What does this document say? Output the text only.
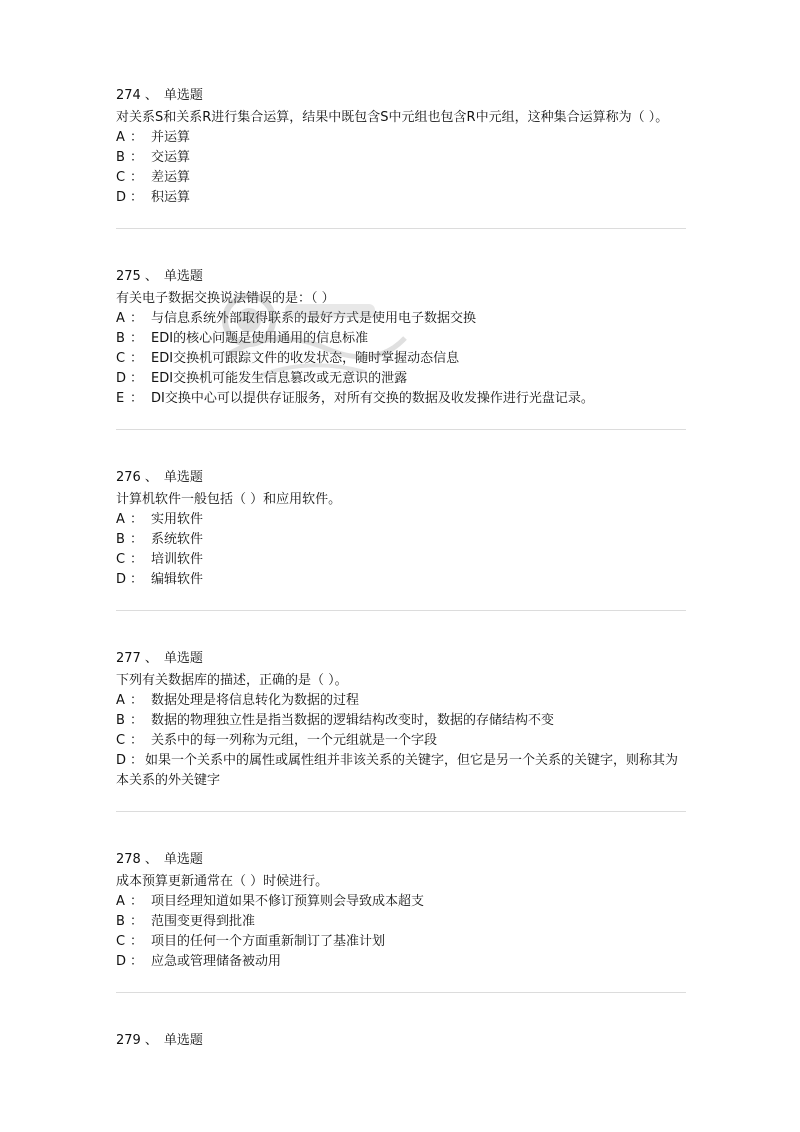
274 、 单选题

对关系S和关系R进行集合运算，结果中既包含S中元组也包含R中元组，这种集合运算称为（ ）。

A ： 并运算
B ： 交运算
C ： 差运算
D ： 积运算
275 、 单选题

有关电子数据交换说法错误的是：（ ）

A ： 与信息系统外部取得联系的最好方式是使用电子数据交换
B ： EDI的核心问题是使用通用的信息标准
C ： EDI交换机可跟踪文件的收发状态，随时掌握动态信息
D ： EDI交换机可能发生信息篡改或无意识的泄露
E ： DI交换中心可以提供存证服务，对所有交换的数据及收发操作进行光盘记录。
276 、 单选题

计算机软件一般包括（ ）和应用软件。

A ： 实用软件
B ： 系统软件
C ： 培训软件
D ： 编辑软件
277 、 单选题

下列有关数据库的描述，正确的是（ ）。

A ： 数据处理是将信息转化为数据的过程
B ： 数据的物理独立性是指当数据的逻辑结构改变时，数据的存储结构不变
C ： 关系中的每一列称为元组，一个元组就是一个字段
D ： 如果一个关系中的属性或属性组并非该关系的关键字，但它是另一个关系的关键字，则称其为本关系的外关键字
278 、 单选题

成本预算更新通常在（ ）时候进行。

A ： 项目经理知道如果不修订预算则会导致成本超支
B ： 范围变更得到批准
C ： 项目的任何一个方面重新制订了基准计划
D ： 应急或管理储备被动用
279 、 单选题
